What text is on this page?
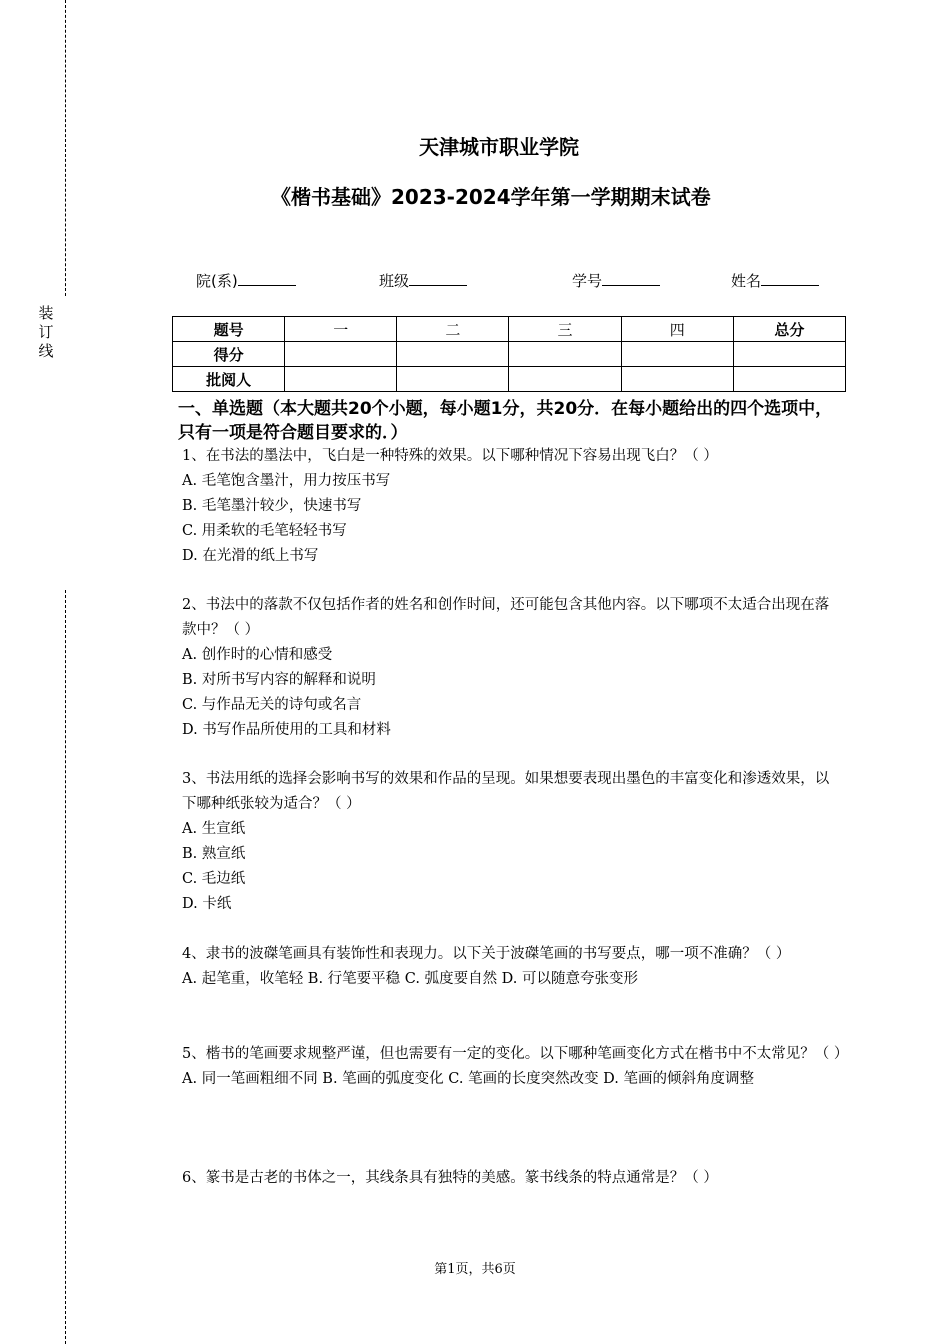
装
订
线
天津城市职业学院
《楷书基础》2023-2024学年第一学期期末试卷
院(系)	班级	学号	姓名
题号	一	二	三	四	总分
得分					
批阅人					
一、单选题（本大题共20个小题，每小题1分，共20分．在每小题给出的四个选项中，只有一项是符合题目要求的．）

1、在书法的墨法中，飞白是一种特殊的效果。以下哪种情况下容易出现飞白？（ ）

A. 毛笔饱含墨汁，用力按压书写

B. 毛笔墨汁较少，快速书写

C. 用柔软的毛笔轻轻书写

D. 在光滑的纸上书写

2、书法中的落款不仅包括作者的姓名和创作时间，还可能包含其他内容。以下哪项不太适合出现在落款中？（ ）

A. 创作时的心情和感受

B. 对所书写内容的解释和说明

C. 与作品无关的诗句或名言

D. 书写作品所使用的工具和材料

3、书法用纸的选择会影响书写的效果和作品的呈现。如果想要表现出墨色的丰富变化和渗透效果，以下哪种纸张较为适合？（ ）

A. 生宣纸

B. 熟宣纸

C. 毛边纸

D. 卡纸

4、隶书的波磔笔画具有装饰性和表现力。以下关于波磔笔画的书写要点，哪一项不准确？（ ）

A. 起笔重，收笔轻 B. 行笔要平稳 C. 弧度要自然 D. 可以随意夸张变形

5、楷书的笔画要求规整严谨，但也需要有一定的变化。以下哪种笔画变化方式在楷书中不太常见？（ ）

A. 同一笔画粗细不同 B. 笔画的弧度变化 C. 笔画的长度突然改变 D. 笔画的倾斜角度调整

6、篆书是古老的书体之一，其线条具有独特的美感。篆书线条的特点通常是？（ ）

第1页，共6页
